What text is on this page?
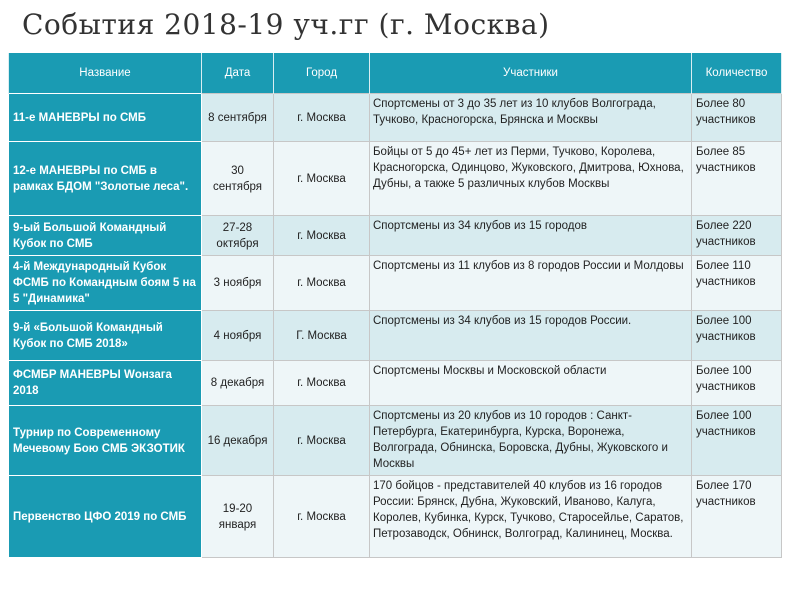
События 2018-19 уч.гг (г. Москва)
Название	Дата	Город	Участники	Количество
11-е МАНЕВРЫ по СМБ	8 сентября	г. Москва	Спортсмены от 3 до 35 лет из 10 клубов Волгограда, Тучково, Красногорска, Брянска и Москвы	Более 80 участников
12-е МАНЕВРЫ по СМБ в рамках БДОМ "Золотые леса".	30 сентября	г. Москва	Бойцы от 5 до 45+ лет из Перми, Тучково, Королева, Красногорска, Одинцово, Жуковского, Дмитрова, Юхнова, Дубны, а также 5 различных клубов Москвы	Более 85 участников
9-ый Большой Командный Кубок по СМБ	27-28 октября	г. Москва	Спортсмены из 34 клубов из 15 городов	Более 220 участников
4-й Международный Кубок ФСМБ по Командным боям 5 на 5 "Динамика"	3 ноября	г. Москва	Спортсмены из 11 клубов из 8 городов России и Молдовы	Более 110 участников
9-й «Большой Командный Кубок по СМБ 2018»	4 ноября	Г. Москва	Спортсмены из 34 клубов из 15 городов России.	Более 100 участников
ФСМБР МАНЕВРЫ Wонзага 2018	8 декабря	г. Москва	Спортсмены Москвы и Московской области	Более 100 участников
Турнир по Современному Мечевому Бою СМБ ЭКЗОТИК	16 декабря	г. Москва	Спортсмены из 20 клубов из 10 городов : Санкт-Петербурга, Екатеринбурга, Курска, Воронежа, Волгограда, Обнинска, Боровска, Дубны, Жуковского и Москвы	Более 100 участников
Первенство ЦФО 2019 по СМБ	19-20 января	г. Москва	170 бойцов - представителей 40 клубов из 16 городов России: Брянск, Дубна, Жуковский, Иваново, Калуга, Королев, Кубинка, Курск, Тучково, Старосейлье, Саратов, Петрозаводск, Обнинск, Волгоград, Калининец, Москва.	Более 170 участников
